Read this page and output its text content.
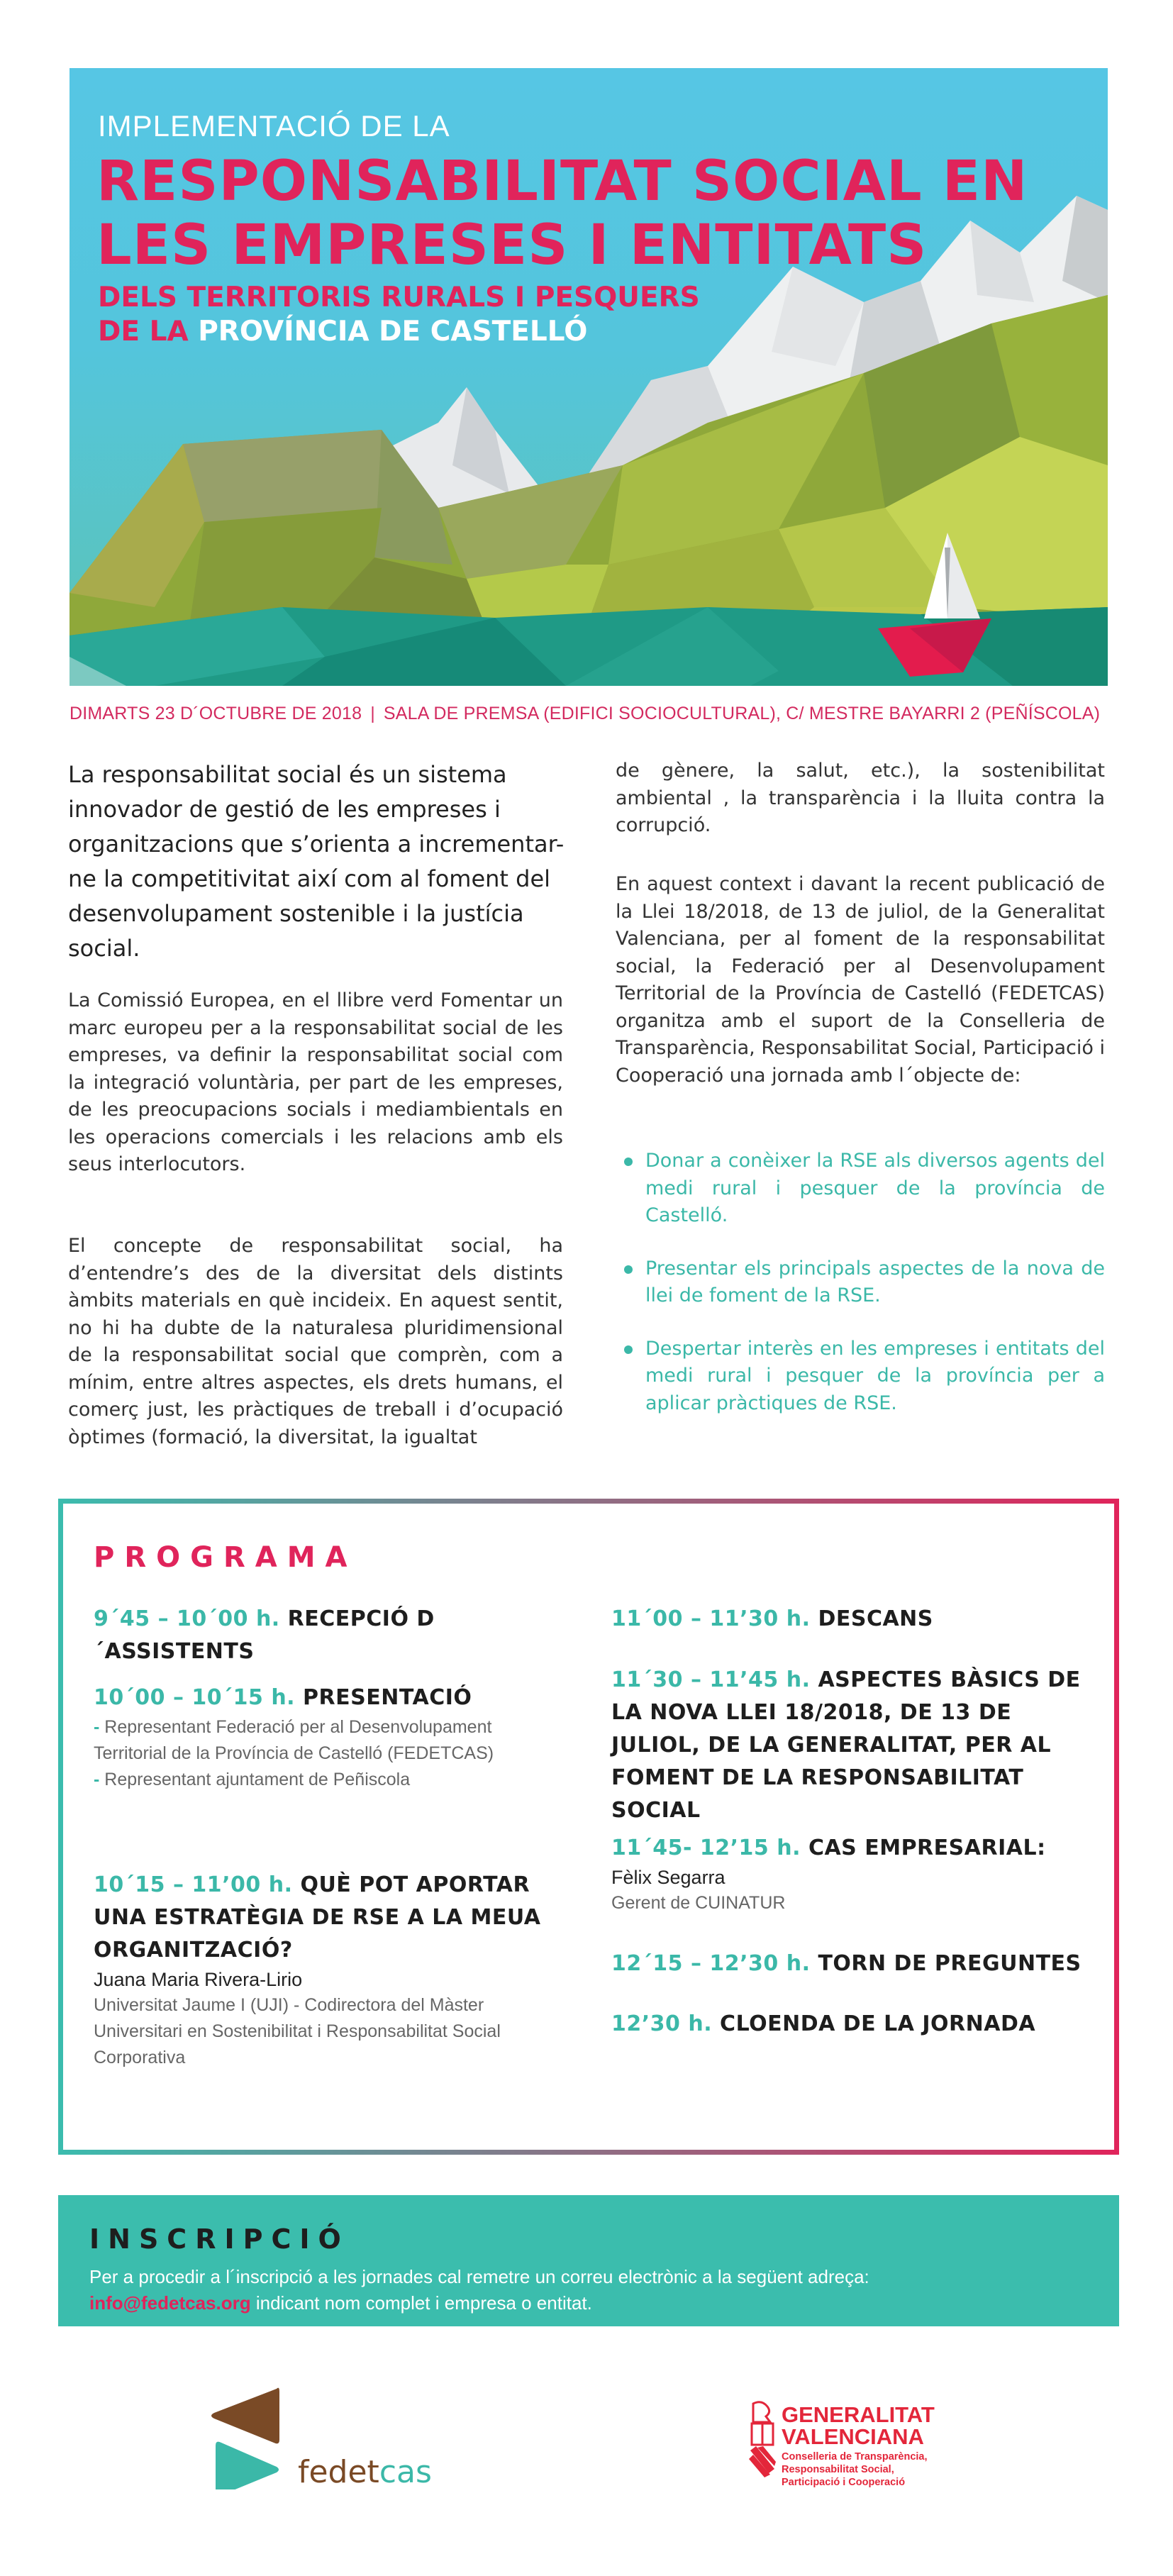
IMPLEMENTACIÓ DE LA
RESPONSABILITAT SOCIAL EN
LES EMPRESES I ENTITATS
DELS TERRITORIS RURALS I PESQUERS
DE LA PROVÍNCIA DE CASTELLÓ
DIMARTS 23 D´OCTUBRE DE 2018 | SALA DE PREMSA (EDIFICI SOCIOCULTURAL), C/ MESTRE BAYARRI 2 (PEÑÍSCOLA)
La responsabilitat social és un sistema innovador de gestió de les empreses i organitzacions que s’orienta a incrementar-ne la competitivitat així com al foment del desenvolupament sostenible i la justícia social.
La Comissió Europea, en el llibre verd Fomentar un marc europeu per a la responsabilitat social de les empreses, va definir la responsabilitat social com la integració voluntària, per part de les empreses, de les preocupacions socials i mediambientals en les operacions comercials i les relacions amb els seus interlocutors.
El concepte de responsabilitat social, ha d’entendre’s des de la diversitat dels distints àmbits materials en què incideix. En aquest sentit, no hi ha dubte de la naturalesa pluridimensional de la responsabilitat social que comprèn, com a mínim, entre altres aspectes, els drets humans, el comerç just, les pràctiques de treball i d’ocupació òptimes (formació, la diversitat, la igualtat
de gènere, la salut, etc.), la sostenibilitat ambiental , la transparència i la lluita contra la corrupció.
En aquest context i davant la recent publicació de la Llei 18/2018, de 13 de juliol, de la Generalitat Valenciana, per al foment de la responsabilitat social, la Federació per al Desenvolupament Territorial de la Província de Castelló (FEDETCAS) organitza amb el suport de la Conselleria de Transparència, Responsabilitat Social, Participació i Cooperació una jornada amb l´objecte de:
Donar a conèixer la RSE als diversos agents del medi rural i pesquer de la província de Castelló.
Presentar els principals aspectes de la nova de llei de foment de la RSE.
Despertar interès en les empreses i entitats del medi rural i pesquer de la província per a aplicar pràctiques de RSE.
PROGRAMA
9´45 – 10´00 h. RECEPCIÓ D´ASSISTENTS
10´00 – 10´15 h. PRESENTACIÓ
- Representant Federació per al Desenvolupament Territorial de la Província de Castelló (FEDETCAS)
- Representant ajuntament de Peñiscola
10´15 – 11’00 h. QUÈ POT APORTAR UNA ESTRATÈGIA DE RSE A LA MEUA ORGANITZACIÓ?
Juana Maria Rivera-Lirio
Universitat Jaume I (UJI) - Codirectora del Màster Universitari en Sostenibilitat i Responsabilitat Social Corporativa
11´00 – 11’30 h. DESCANS
11´30 – 11’45 h. ASPECTES BÀSICS DE LA NOVA LLEI 18/2018, DE 13 DE JULIOL, DE LA GENERALITAT, PER AL FOMENT DE LA RESPONSABILITAT SOCIAL
11´45- 12’15 h. CAS EMPRESARIAL:
Fèlix Segarra
Gerent de CUINATUR
12´15 – 12’30 h. TORN DE PREGUNTES
12’30 h. CLOENDA DE LA JORNADA
INSCRIPCIÓ
Per a procedir a l´inscripció a les jornades cal remetre un correu electrònic a la següent adreça:
info@fedetcas.org indicant nom complet i empresa o entitat.
fedetcas
GENERALITAT
VALENCIANA
Conselleria de Transparència,
Responsabilitat Social,
Participació i Cooperació
